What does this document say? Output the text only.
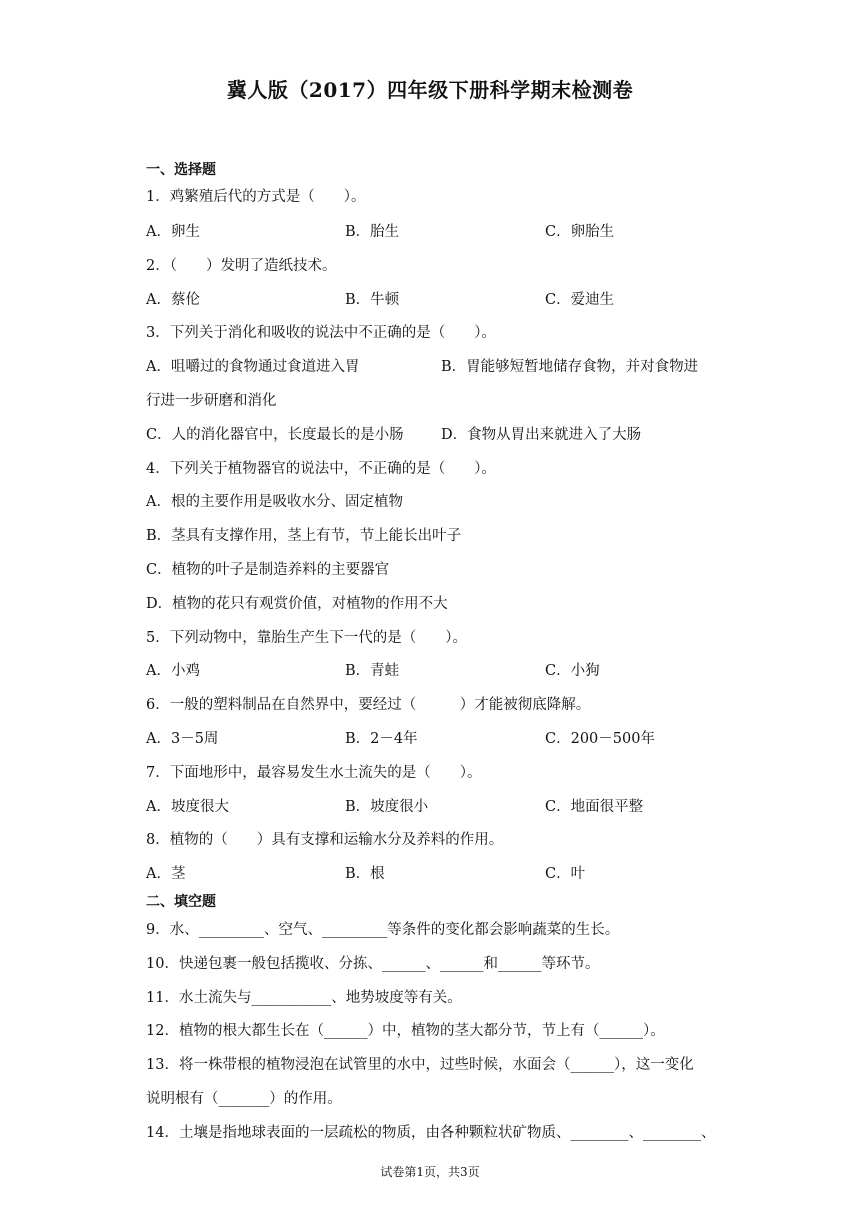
冀人版（2017）四年级下册科学期末检测卷
一、选择题
1．鸡繁殖后代的方式是（　　）。
A．卵生	B．胎生	C．卵胎生
2．（　　）发明了造纸技术。
A．蔡伦	B．牛顿	C．爱迪生
3．下列关于消化和吸收的说法中不正确的是（　　）。
A．咀嚼过的食物通过食道进入胃	B．胃能够短暂地储存食物，并对食物进
行进一步研磨和消化
C．人的消化器官中，长度最长的是小肠	D．食物从胃出来就进入了大肠
4．下列关于植物器官的说法中，不正确的是（　　）。
A．根的主要作用是吸收水分、固定植物
B．茎具有支撑作用，茎上有节，节上能长出叶子
C．植物的叶子是制造养料的主要器官
D．植物的花只有观赏价值，对植物的作用不大
5．下列动物中，靠胎生产生下一代的是（　　）。
A．小鸡	B．青蛙	C．小狗
6．一般的塑料制品在自然界中，要经过（　　　）才能被彻底降解。
A．3－5周	B．2－4年	C．200－500年
7．下面地形中，最容易发生水土流失的是（　　）。
A．坡度很大	B．坡度很小	C．地面很平整
8．植物的（　　）具有支撑和运输水分及养料的作用。
A．茎	B．根	C．叶
二、填空题
9．水、_________、空气、_________等条件的变化都会影响蔬菜的生长。
10．快递包裹一般包括揽收、分拣、______、______和______等环节。
11．水土流失与___________、地势坡度等有关。
12．植物的根大都生长在（______）中，植物的茎大都分节，节上有（______）。
13．将一株带根的植物浸泡在试管里的水中，过些时候，水面会（______），这一变化
说明根有（_______）的作用。
14．土壤是指地球表面的一层疏松的物质，由各种颗粒状矿物质、________、________、
试卷第1页，共3页
